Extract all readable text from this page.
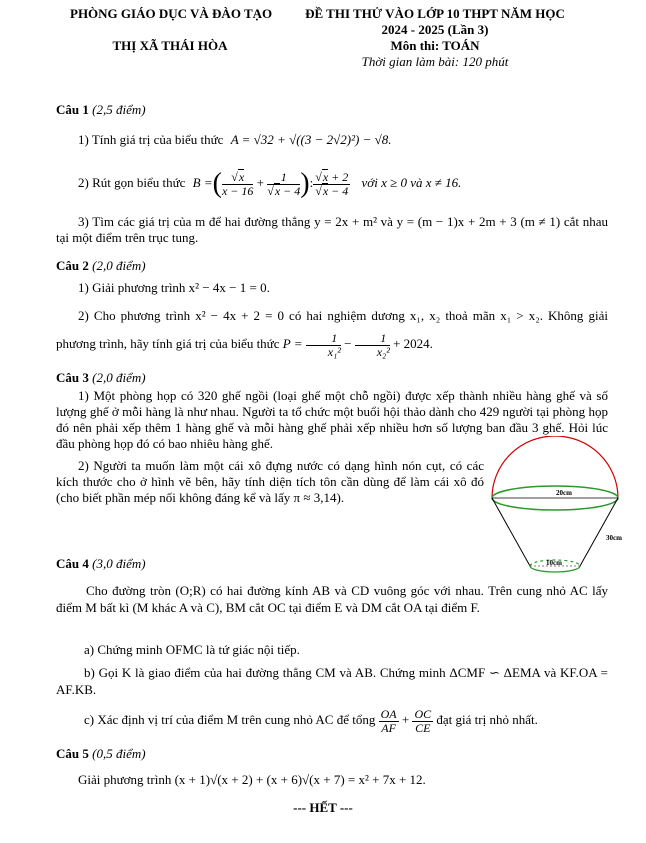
PHÒNG GIÁO DỤC VÀ ĐÀO TẠO
THỊ XÃ THÁI HÒA
ĐỀ THI THỬ VÀO LỚP 10 THPT NĂM HỌC
2024 - 2025 (Lần 3)
Môn thi: TOÁN
Thời gian làm bài: 120 phút
Câu 1 (2,5 điểm)
1) Tính giá trị của biểu thức A = √32 + √((3 − 2√2)²) − √8.
2) Rút gọn biểu thức B =( $\frac{√x}{x - 16} + \frac{1}{√x - 4}$ ): $\frac{√x + 2}{√x - 4}$ với x ≥ 0 và x ≠ 16.
3) Tìm các giá trị của m để hai đường thẳng y = 2x + m² và y = (m − 1)x + 2m + 3 (m ≠ 1) cắt nhau tại một điểm trên trục tung.
Câu 2 (2,0 điểm)
1) Giải phương trình x² − 4x − 1 = 0.
2) Cho phương trình x² − 4x + 2 = 0 có hai nghiệm dương x₁, x₂ thoả mãn x₁ > x₂. Không giải phương trình, hãy tính giá trị của biểu thức $P = \frac{1}{\text{x₁²}} - \frac{1}{\text{x₂²}} + 2024$.
Câu 3 (2,0 điểm)
1) Một phòng họp có 320 ghế ngồi (loại ghế một chỗ ngồi) được xếp thành nhiều hàng ghế và số lượng ghế ở mỗi hàng là như nhau. Người ta tổ chức một buổi hội thảo dành cho 429 người tại phòng họp đó nên phải xếp thêm 1 hàng ghế và mỗi hàng ghế phải xếp nhiều hơn số lượng ban đầu 3 ghế. Hỏi lúc đầu phòng họp đó có bao nhiêu hàng ghế.
2) Người ta muốn làm một cái xô đựng nước có dạng hình nón cụt, có các kích thước cho ở hình vẽ bên, hãy tính diện tích tôn cần dùng để làm cái xô đó (cho biết phần mép nối không đáng kể và lấy π ≈ 3,14).	20cm
30cm
10cm
Câu 4 (3,0 điểm)
Cho đường tròn (O;R) có hai đường kính AB và CD vuông góc với nhau. Trên cung nhỏ AC lấy điểm M bất kì (M khác A và C), BM cắt OC tại điểm E và DM cắt OA tại điểm F.
a) Chứng minh OFMC là tứ giác nội tiếp.
b) Gọi K là giao điểm của hai đường thẳng CM và AB. Chứng minh ΔCMF ∽ ΔEMA và KF.OA = AF.KB.
c) Xác định vị trí của điểm M trên cung nhỏ AC để tổng $\frac{OA}{AF} + \frac{OC}{CE}$ đạt giá trị nhỏ nhất.
Câu 5 (0,5 điểm)
Giải phương trình (x + 1)√(x + 2) + (x + 6)√(x + 7) = x² + 7x + 12.
--- HẾT ---
